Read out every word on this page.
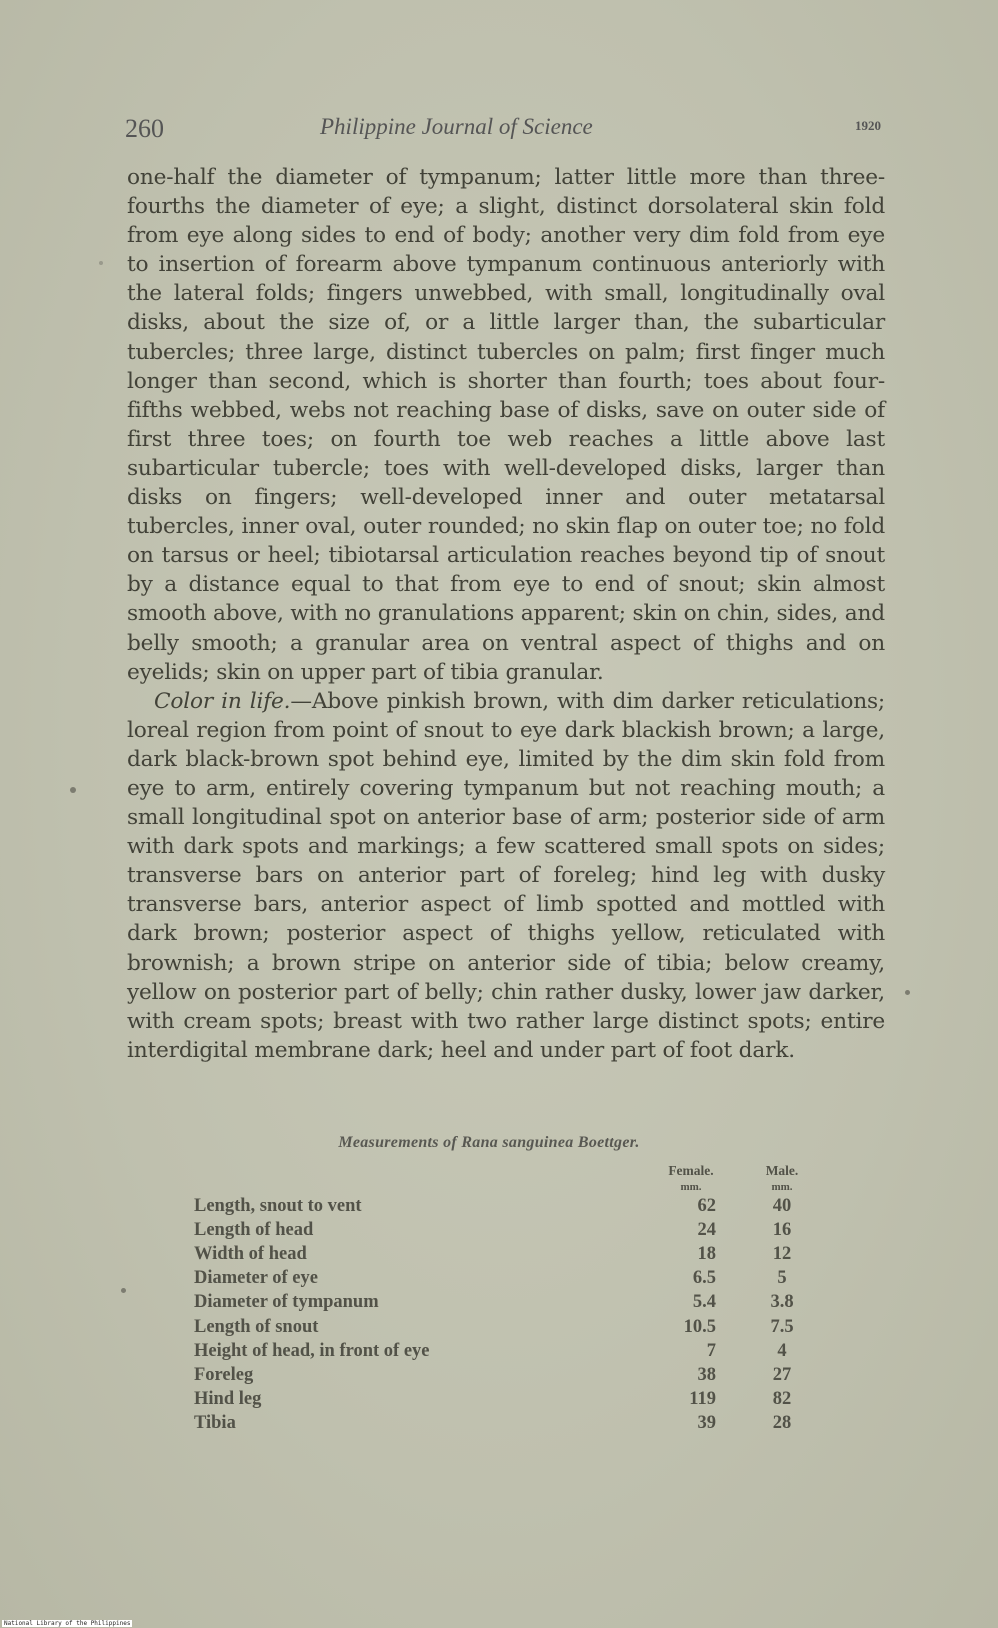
260	Philippine Journal of Science	1920

one-half the diameter of tympanum; latter little more than three-fourths the diameter of eye; a slight, distinct dorsolateral skin fold from eye along sides to end of body; another very dim fold from eye to insertion of forearm above tympanum continuous anteriorly with the lateral folds; fingers unwebbed, with small, longitudinally oval disks, about the size of, or a little larger than, the subarticular tubercles; three large, distinct tubercles on palm; first finger much longer than second, which is shorter than fourth; toes about four-fifths webbed, webs not reaching base of disks, save on outer side of first three toes; on fourth toe web reaches a little above last subarticular tubercle; toes with well-developed disks, larger than disks on fingers; well-developed inner and outer metatarsal tubercles, inner oval, outer rounded; no skin flap on outer toe; no fold on tarsus or heel; tibiotarsal articulation reaches beyond tip of snout by a distance equal to that from eye to end of snout; skin almost smooth above, with no granulations apparent; skin on chin, sides, and belly smooth; a granular area on ventral aspect of thighs and on eyelids; skin on upper part of tibia granular.

Color in life.—Above pinkish brown, with dim darker reticulations; loreal region from point of snout to eye dark blackish brown; a large, dark black-brown spot behind eye, limited by the dim skin fold from eye to arm, entirely covering tympanum but not reaching mouth; a small longitudinal spot on anterior base of arm; posterior side of arm with dark spots and markings; a few scattered small spots on sides; transverse bars on anterior part of foreleg; hind leg with dusky transverse bars, anterior aspect of limb spotted and mottled with dark brown; posterior aspect of thighs yellow, reticulated with brownish; a brown stripe on anterior side of tibia; below creamy, yellow on posterior part of belly; chin rather dusky, lower jaw darker, with cream spots; breast with two rather large distinct spots; entire interdigital membrane dark; heel and under part of foot dark.

Measurements of Rana sanguinea Boettger.
Female.	Male.
mm.	mm.
Length, snout to vent	62	40
Length of head	24	16
Width of head	18	12
Diameter of eye	6.5	5
Diameter of tympanum	5.4	3.8
Length of snout	10.5	7.5
Height of head, in front of eye	7	4
Foreleg	38	27
Hind leg	119	82
Tibia	39	28
National Library of the Philippines
